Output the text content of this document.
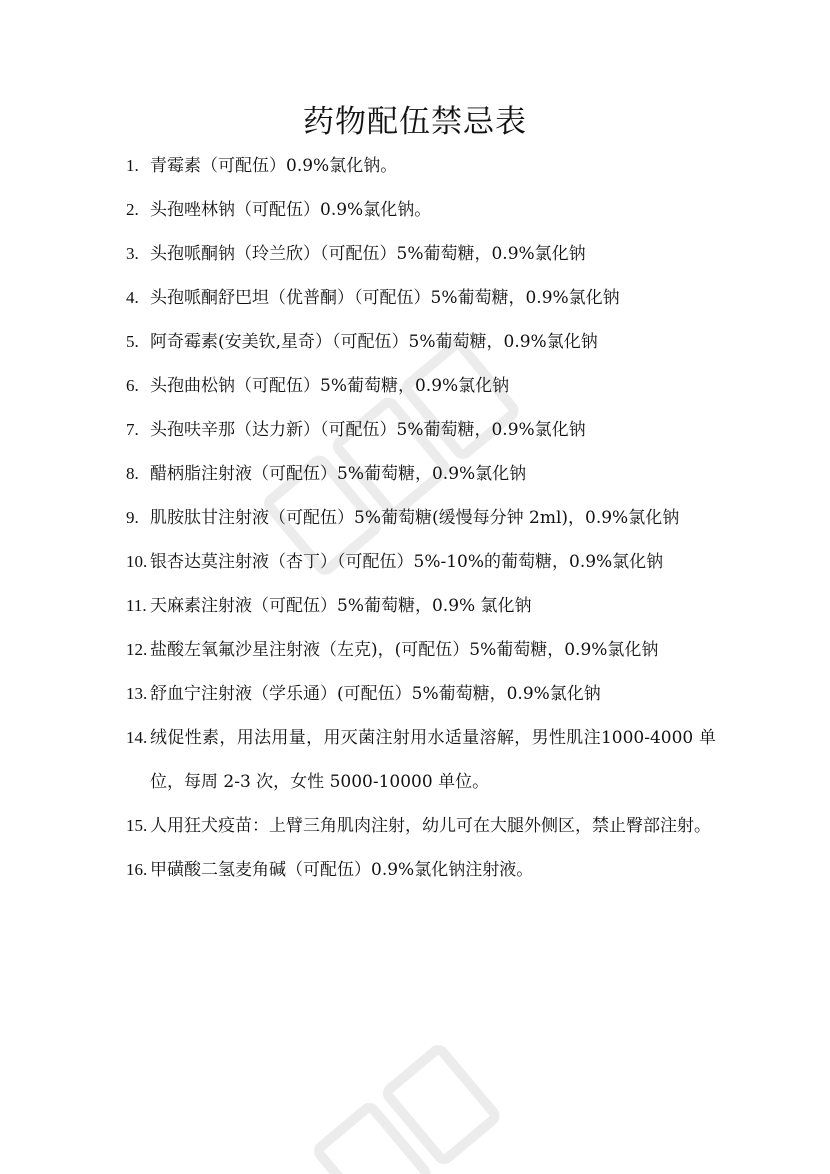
药物配伍禁忌表
1. 青霉素（可配伍）0.9%氯化钠。
2. 头孢唑林钠（可配伍）0.9%氯化钠。
3. 头孢哌酮钠（玲兰欣）（可配伍）5%葡萄糖，0.9%氯化钠
4. 头孢哌酮舒巴坦（优普酮）（可配伍）5%葡萄糖，0.9%氯化钠
5. 阿奇霉素(安美钦,星奇）（可配伍）5%葡萄糖，0.9%氯化钠
6. 头孢曲松钠（可配伍）5%葡萄糖，0.9%氯化钠
7. 头孢呋辛那（达力新）（可配伍）5%葡萄糖，0.9%氯化钠
8. 醋柄脂注射液（可配伍）5%葡萄糖，0.9%氯化钠
9. 肌胺肽甘注射液（可配伍）5%葡萄糖(缓慢每分钟 2ml)，0.9%氯化钠
10. 银杏达莫注射液（杏丁）（可配伍）5%-10%的葡萄糖，0.9%氯化钠
11. 天麻素注射液（可配伍）5%葡萄糖，0.9% 氯化钠
12. 盐酸左氧氟沙星注射液（左克)，(可配伍）5%葡萄糖，0.9%氯化钠
13. 舒血宁注射液（学乐通）(可配伍）5%葡萄糖，0.9%氯化钠
14. 绒促性素，用法用量，用灭菌注射用水适量溶解，男性肌注1000-4000 单位，每周 2-3 次，女性 5000-10000 单位。
15. 人用狂犬疫苗：上臂三角肌肉注射，幼儿可在大腿外侧区，禁止臀部注射。
16. 甲磺酸二氢麦角碱（可配伍）0.9%氯化钠注射液。
